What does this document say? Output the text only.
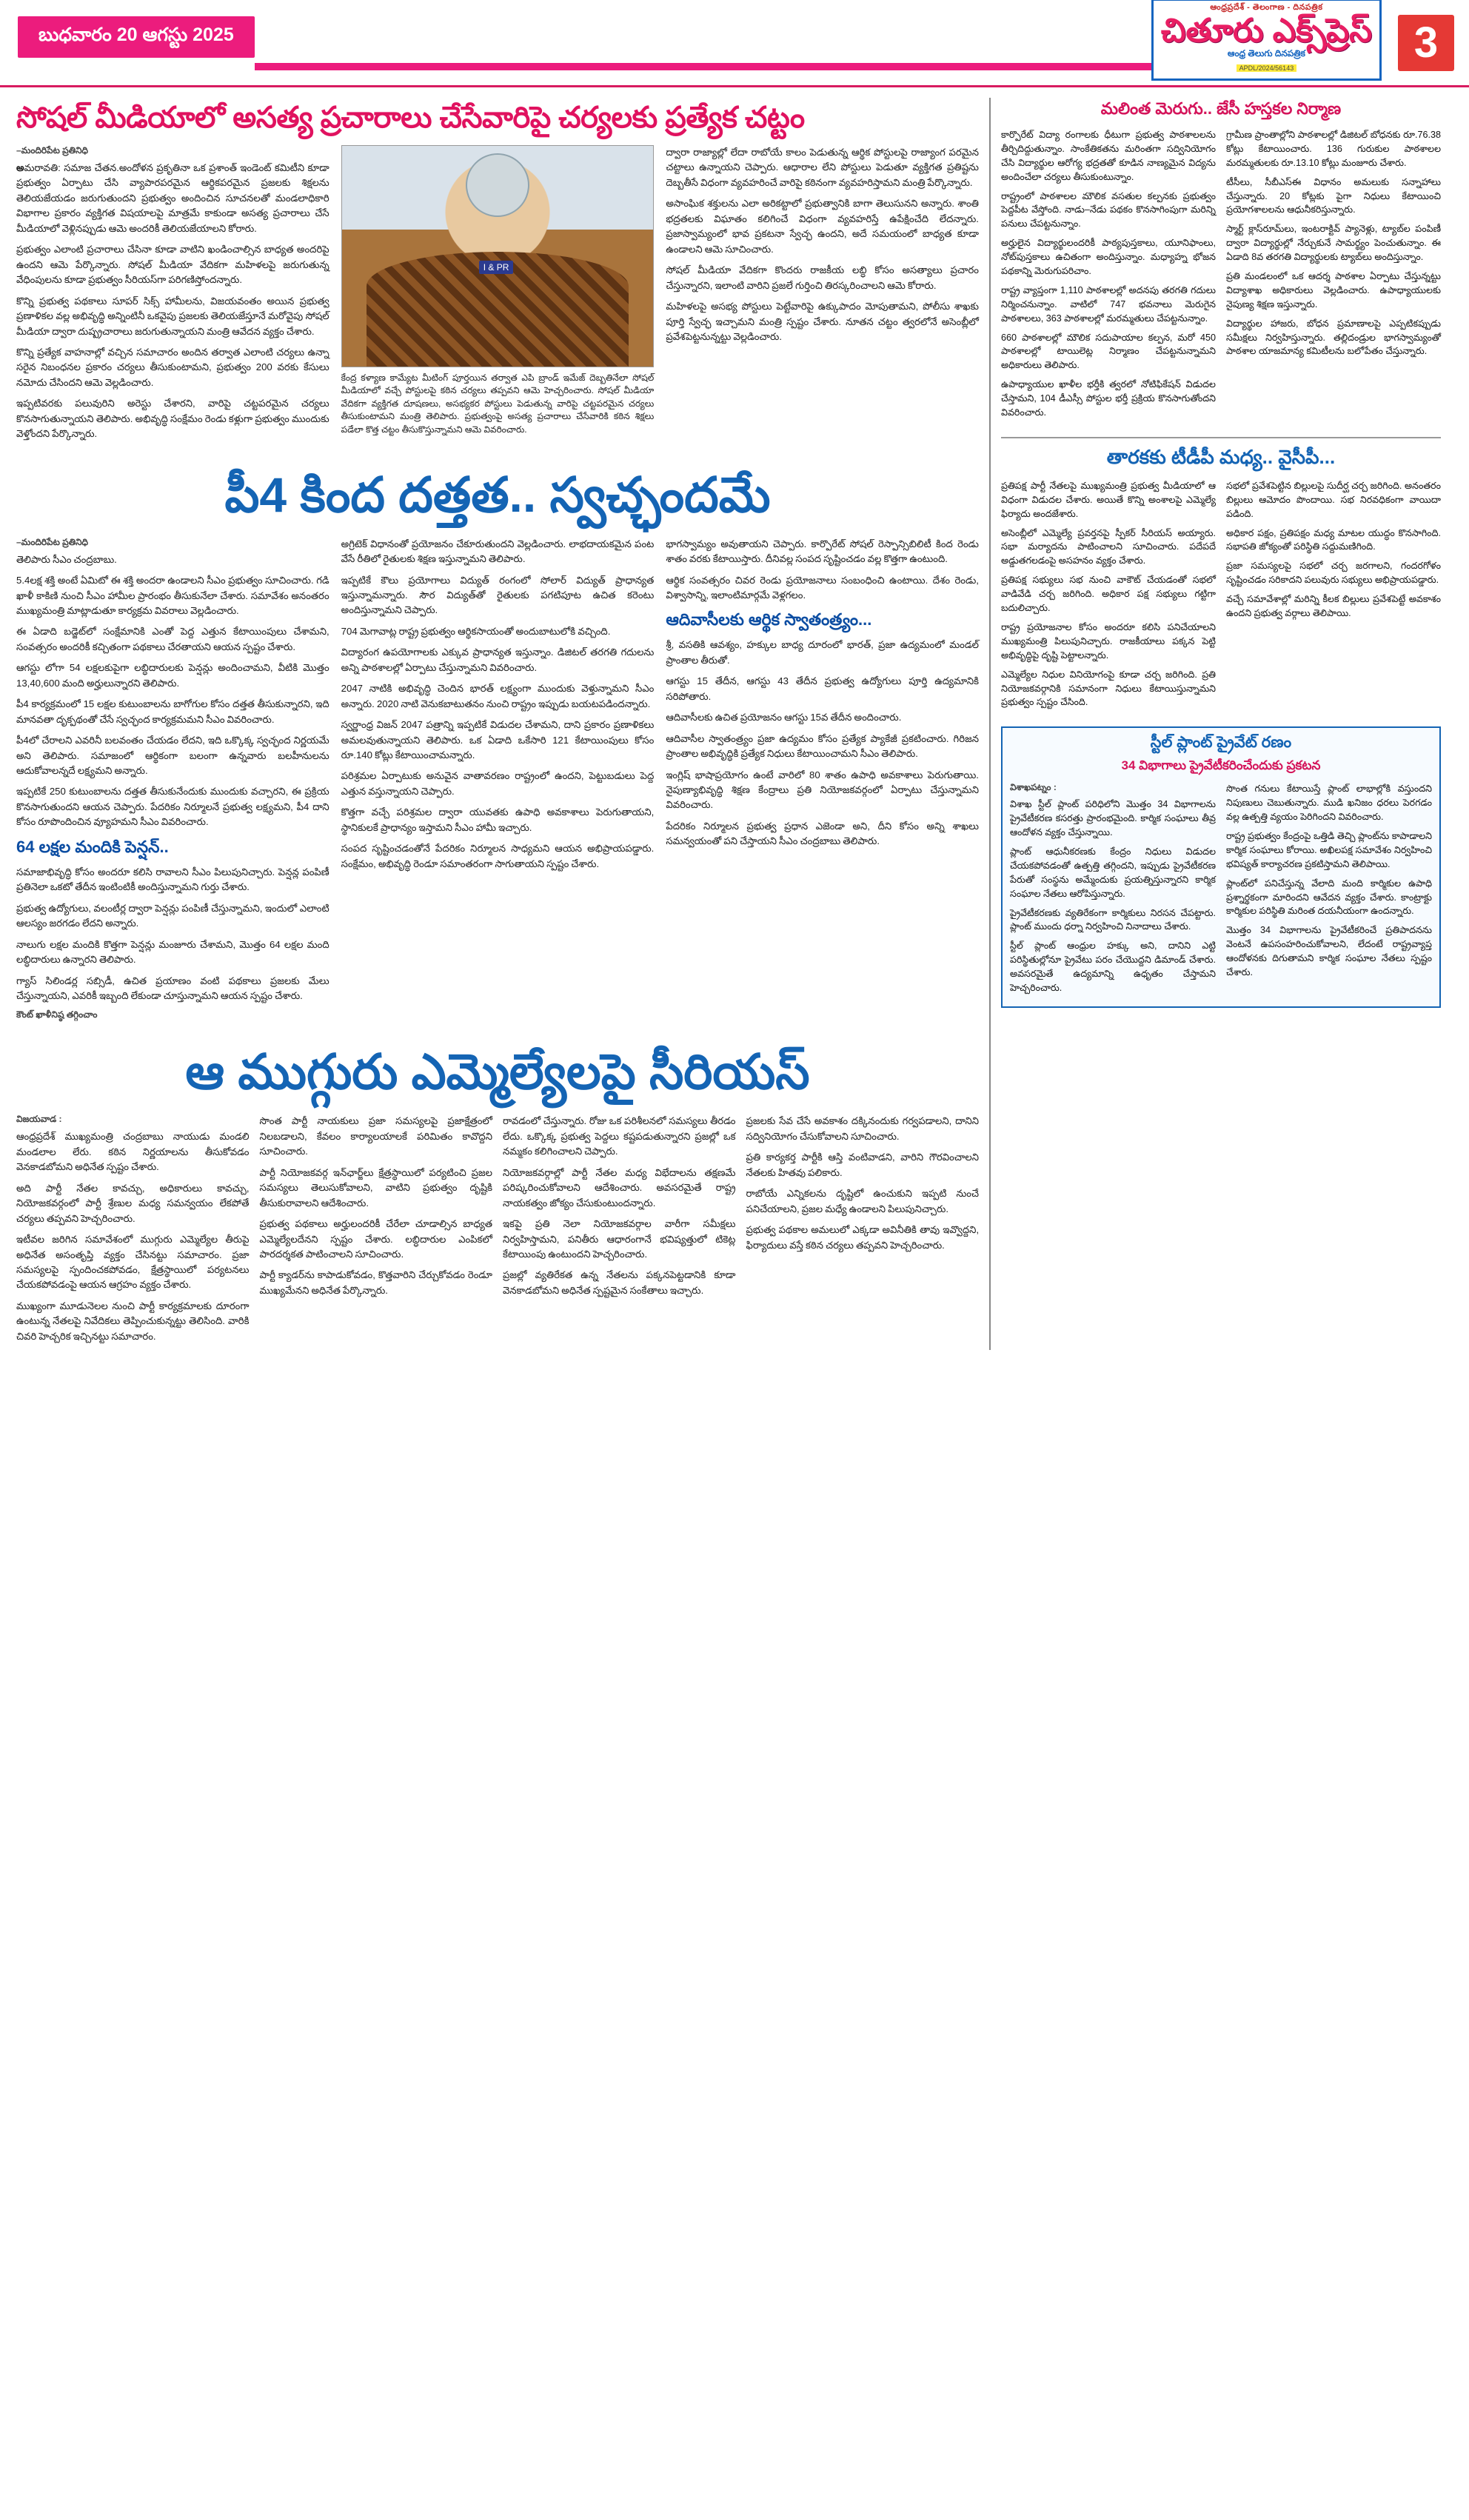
బుధవారం 20 ఆగస్టు 2025
ఆంధ్రప్రదేశ్ - తెలంగాణ - దినపత్రిక
చితూరు ఎక్స్‌ప్రెస్
ఆంధ్ర తెలుగు దినపత్రిక
APDL/2024/56143
3
సోషల్ మీడియాలో అసత్య ప్రచారాలు చేసేవారిపై చర్యలకు ప్రత్యేక చట్టం
–మందిరిపేట ప్రతినిధి

అమరావతి: సమాజ చేతన.అందోళన ప్రకృతినా ఒక ప్రశాంత్ ఇండెంట్ కమిటీని కూడా ప్రభుత్వం ఏర్పాటు చేసి వ్యాపారపరమైన ఆర్థికపరమైన ప్రజలకు శిక్షలను తెలియజేయడం జరుగుతుందని ప్రభుత్వం అందించిన సూచనలతో మండలాధికారి విభాగాల ప్రకారం వ్యక్తిగత విషయాలపై మాత్రమే కాకుండా అసత్య ప్రచారాలు చేసే మీడియాలో వెళ్లినప్పుడు ఆమె అందరికీ తెలియజేయాలని కోరారు.

ప్రభుత్వం ఎలాంటి ప్రచారాలు చేసినా కూడా వాటిని ఖండించాల్సిన బాధ్యత అందరిపై ఉందని ఆమె పేర్కొన్నారు. సోషల్ మీడియా వేదికగా మహిళలపై జరుగుతున్న వేధింపులను కూడా ప్రభుత్వం సీరియస్‌గా పరిగణిస్తోందన్నారు.

కొన్ని ప్రభుత్వ పథకాలు సూపర్ సిక్స్ హామీలను, విజయవంతం అయిన ప్రభుత్వ ప్రణాళికల వల్ల అభివృద్ధి అన్నింటినీ ఒకవైపు ప్రజలకు తెలియజేస్తూనే మరోవైపు సోషల్ మీడియా ద్వారా దుష్ప్రచారాలు జరుగుతున్నాయని మంత్రి ఆవేదన వ్యక్తం చేశారు.

కొన్ని ప్రత్యేక వాహనాల్లో వచ్చిన సమాచారం అందిన తర్వాత ఎలాంటి చర్యలు ఉన్నా సరైన నిబంధనల ప్రకారం చర్యలు తీసుకుంటామని, ప్రభుత్వం 200 వరకు కేసులు నమోదు చేసిందని ఆమె వెల్లడించారు.

ఇప్పటివరకు పలువురిని అరెస్టు చేశారని, వారిపై చట్టపరమైన చర్యలు కొనసాగుతున్నాయని తెలిపారు. అభివృద్ధి సంక్షేమం రెండు కళ్లుగా ప్రభుత్వం ముందుకు వెళ్తోందని పేర్కొన్నారు.

I & PR

కేంద్ర కళ్యాణ కామ్యేట మీటింగ్ పూర్తయిన తర్వాత ఎపి బ్రాండ్ ఇమేజ్ దెబ్బతినేలా సోషల్ మీడియాలో వచ్చే పోస్టులపై కఠిన చర్యలు తప్పవని ఆమె హెచ్చరించారు. సోషల్ మీడియా వేదికగా వ్యక్తిగత దూషణలు, అసభ్యకర పోస్టులు పెడుతున్న వారిపై చట్టపరమైన చర్యలు తీసుకుంటామని మంత్రి తెలిపారు. ప్రభుత్వంపై అసత్య ప్రచారాలు చేసేవారికి కఠిన శిక్షలు పడేలా కొత్త చట్టం తీసుకొస్తున్నామని ఆమె వివరించారు.

ద్వారా రాజ్యాల్లో లేదా రాబోయే కాలం పెడుతున్న ఆర్థిక పోస్టులపై రాజ్యాంగ పరమైన చట్టాలు ఉన్నాయని చెప్పారు. ఆధారాల లేని పోస్టులు పెడుతూ వ్యక్తిగత ప్రతిష్టను దెబ్బతీసే విధంగా వ్యవహరించే వారిపై కఠినంగా వ్యవహరిస్తామని మంత్రి పేర్కొన్నారు.

అసాంఘిక శక్తులను ఎలా అరికట్టాలో ప్రభుత్వానికి బాగా తెలుసునని అన్నారు. శాంతి భద్రతలకు విఘాతం కలిగించే విధంగా వ్యవహరిస్తే ఉపేక్షించేది లేదన్నారు. ప్రజాస్వామ్యంలో భావ ప్రకటనా స్వేచ్ఛ ఉందని, అదే సమయంలో బాధ్యత కూడా ఉండాలని ఆమె సూచించారు.

సోషల్ మీడియా వేదికగా కొందరు రాజకీయ లబ్ధి కోసం అసత్యాలు ప్రచారం చేస్తున్నారని, ఇలాంటి వారిని ప్రజలే గుర్తించి తిరస్కరించాలని ఆమె కోరారు.

మహిళలపై అసభ్య పోస్టులు పెట్టేవారిపై ఉక్కుపాదం మోపుతామని, పోలీసు శాఖకు పూర్తి స్వేచ్ఛ ఇచ్చామని మంత్రి స్పష్టం చేశారు. నూతన చట్టం త్వరలోనే అసెంబ్లీలో ప్రవేశపెట్టనున్నట్టు వెల్లడించారు.

పీ4 కింద దత్తత.. స్వచ్ఛందమే
–మందిరిపేట ప్రతినిధి

తెలిపారు సీఎం చంద్రబాబు.

5.4లక్ష శక్తి అంటే ఏమిటో ఈ శక్తి అందరా ఉండాలని సీఎం ప్రభుత్వం సూచించారు. గడి ఖాళీ కాకిణి నుంచి సీఎం హామీల ప్రారంభం తీసుకునేలా చేశారు. సమావేశం అనంతరం ముఖ్యమంత్రి మాట్లాడుతూ కార్యక్రమ వివరాలు వెల్లడించారు.

ఈ ఏడాది బడ్జెట్‌లో సంక్షేమానికి ఎంతో పెద్ద ఎత్తున కేటాయింపులు చేశామని, సంవత్సరం అందరికీ కచ్చితంగా పథకాలు చేరతాయని ఆయన స్పష్టం చేశారు.

ఆగస్టు లోగా 54 లక్షలకుపైగా లబ్ధిదారులకు పెన్షన్లు అందించామని, వీటికి మొత్తం 13,40,600 మంది అర్హులున్నారని తెలిపారు.

పీ4 కార్యక్రమంలో 15 లక్షల కుటుంబాలను బాగోగుల కోసం దత్తత తీసుకున్నారని, ఇది మానవతా దృక్పథంతో చేసే స్వచ్ఛంద కార్యక్రమమని సీఎం వివరించారు.

పీ4లో చేరాలని ఎవరినీ బలవంతం చేయడం లేదని, ఇది ఒక్కొక్క స్వచ్ఛంద నిర్ణయమే అని తెలిపారు. సమాజంలో ఆర్థికంగా బలంగా ఉన్నవారు బలహీనులను ఆదుకోవాలన్నదే లక్ష్యమని అన్నారు.

ఇప్పటికే 250 కుటుంబాలను దత్తత తీసుకునేందుకు ముందుకు వచ్చారని, ఈ ప్రక్రియ కొనసాగుతుందని ఆయన చెప్పారు. పేదరికం నిర్మూలనే ప్రభుత్వ లక్ష్యమని, పీ4 దాని కోసం రూపొందించిన వ్యూహమని సీఎం వివరించారు.

64 లక్షల మందికి పెన్షన్..

సమాజాభివృద్ధి కోసం అందరూ కలిసి రావాలని సీఎం పిలుపునిచ్చారు. పెన్షన్ల పంపిణీ ప్రతినెలా ఒకటో తేదీన ఇంటింటికీ అందిస్తున్నామని గుర్తు చేశారు.

ప్రభుత్వ ఉద్యోగులు, వలంటీర్ల ద్వారా పెన్షన్లు పంపిణీ చేస్తున్నామని, ఇందులో ఎలాంటి ఆలస్యం జరగడం లేదని అన్నారు.

నాలుగు లక్షల మందికి కొత్తగా పెన్షన్లు మంజూరు చేశామని, మొత్తం 64 లక్షల మంది లబ్ధిదారులు ఉన్నారని తెలిపారు.

గ్యాస్ సిలిండర్ల సబ్సిడీ, ఉచిత ప్రయాణం వంటి పథకాలు ప్రజలకు మేలు చేస్తున్నాయని, ఎవరికీ ఇబ్బంది లేకుండా చూస్తున్నామని ఆయన స్పష్టం చేశారు.

కౌంట్ ఖాళీనిష్ఠ తగ్గించాం

అగ్రిటెక్ విధానంతో ప్రయోజనం చేకూరుతుందని వెల్లడించారు. లాభదాయకమైన పంట వేసే రీతిలో రైతులకు శిక్షణ ఇస్తున్నామని తెలిపారు.

ఇప్పటికే కౌలు ప్రయోగాలు విద్యుత్ రంగంలో సోలార్ విద్యుత్ ప్రాధాన్యత ఇస్తున్నామన్నారు. సౌర విద్యుత్‌తో రైతులకు పగటిపూట ఉచిత కరెంటు అందిస్తున్నామని చెప్పారు.

704 మెగావాట్ల రాష్ట్ర ప్రభుత్వం ఆర్థికసాయంతో అందుబాటులోకి వచ్చింది.

విద్యారంగ ఉపయోగాలకు ఎక్కువ ప్రాధాన్యత ఇస్తున్నాం. డిజిటల్ తరగతి గదులను అన్ని పాఠశాలల్లో ఏర్పాటు చేస్తున్నామని వివరించారు.

2047 నాటికి అభివృద్ధి చెందిన భారత్ లక్ష్యంగా ముందుకు వెళ్తున్నామని సీఎం అన్నారు. 2020 నాటి వెనుకబాటుతనం నుంచి రాష్ట్రం ఇప్పుడు బయటపడిందన్నారు.

స్వర్ణాంధ్ర విజన్ 2047 పత్రాన్ని ఇప్పటికే విడుదల చేశామని, దాని ప్రకారం ప్రణాళికలు అమలవుతున్నాయని తెలిపారు. ఒక ఏడాది ఒకేసారి 121 కేటాయింపులు కోసం రూ.140 కోట్లు కేటాయించామన్నారు.

పరిశ్రమల ఏర్పాటుకు అనువైన వాతావరణం రాష్ట్రంలో ఉందని, పెట్టుబడులు పెద్ద ఎత్తున వస్తున్నాయని చెప్పారు.

కొత్తగా వచ్చే పరిశ్రమల ద్వారా యువతకు ఉపాధి అవకాశాలు పెరుగుతాయని, స్థానికులకే ప్రాధాన్యం ఇస్తామని సీఎం హామీ ఇచ్చారు.

సంపద సృష్టించడంతోనే పేదరికం నిర్మూలన సాధ్యమని ఆయన అభిప్రాయపడ్డారు. సంక్షేమం, అభివృద్ధి రెండూ సమాంతరంగా సాగుతాయని స్పష్టం చేశారు.

భాగస్వామ్యం అవుతాయని చెప్పారు. కార్పొరేట్ సోషల్ రెస్పాన్సిబిలిటీ కింద రెండు శాతం వరకు కేటాయిస్తారు. దీనివల్ల సంపద సృష్టించడం వల్ల కొత్తగా ఉంటుంది.

ఆర్థిక సంవత్సరం చివర రెండు ప్రయోజనాలు సంబంధించి ఉంటాయి. దేశం రెండు, విశ్వాసాన్ని, ఇలాంటిమార్గమే వెళ్లగలం.

ఆదివాసీలకు ఆర్థిక స్వాతంత్ర్యం...

శ్రీ, వసతికి ఆవశ్యం, హక్కుల బాధ్య దూరంలో భారత్, ప్రజా ఉద్యమంలో మండల్ ప్రాంతాల తీరుతో.

ఆగస్టు 15 తేదీన, ఆగస్టు 43 తేదీన ప్రభుత్వ ఉద్యోగులు పూర్తి ఉద్యమానికి సరిపోతారు.

ఆదివాసీలకు ఉచిత ప్రయోజనం ఆగస్టు 15వ తేదీన అందించారు.

ఆదివాసీల స్వాతంత్ర్యం ప్రజా ఉద్యమం కోసం ప్రత్యేక ప్యాకేజీ ప్రకటించారు. గిరిజన ప్రాంతాల అభివృద్ధికి ప్రత్యేక నిధులు కేటాయించామని సీఎం తెలిపారు.

ఇంగ్లిష్ భాషాప్రయోగం ఉంటే వారిలో 80 శాతం ఉపాధి అవకాశాలు పెరుగుతాయి. నైపుణ్యాభివృద్ధి శిక్షణ కేంద్రాలు ప్రతి నియోజకవర్గంలో ఏర్పాటు చేస్తున్నామని వివరించారు.

పేదరికం నిర్మూలన ప్రభుత్వ ప్రధాన ఎజెండా అని, దీని కోసం అన్ని శాఖలు సమన్వయంతో పని చేస్తాయని సీఎం చంద్రబాబు తెలిపారు.

ఆ ముగ్గురు ఎమ్మెల్యేలపై సీరియస్
విజయవాడ :

ఆంధ్రప్రదేశ్ ముఖ్యమంత్రి చంద్రబాబు నాయుడు మండలి మండలాల లేరు. కఠిన నిర్ణయాలను తీసుకోవడం వెనకాడబోమని అధినేత స్పష్టం చేశారు.

అది పార్టీ నేతల కావచ్చు, అధికారులు కావచ్చు, నియోజకవర్గంలో పార్టీ శ్రేణుల మధ్య సమన్వయం లేకపోతే చర్యలు తప్పవని హెచ్చరించారు.

ఇటీవల జరిగిన సమావేశంలో ముగ్గురు ఎమ్మెల్యేల తీరుపై అధినేత అసంతృప్తి వ్యక్తం చేసినట్టు సమాచారం. ప్రజా సమస్యలపై స్పందించకపోవడం, క్షేత్రస్థాయిలో పర్యటనలు చేయకపోవడంపై ఆయన ఆగ్రహం వ్యక్తం చేశారు.

ముఖ్యంగా మూడునెలల నుంచి పార్టీ కార్యక్రమాలకు దూరంగా ఉంటున్న నేతలపై నివేదికలు తెప్పించుకున్నట్టు తెలిసింది. వారికి చివరి హెచ్చరిక ఇచ్చినట్టు సమాచారం.

సొంత పార్టీ నాయకులు ప్రజా సమస్యలపై ప్రజాక్షేత్రంలో నిలబడాలని, కేవలం కార్యాలయాలకే పరిమితం కావొద్దని సూచించారు.

పార్టీ నియోజకవర్గ ఇన్‌ఛార్జ్‌లు క్షేత్రస్థాయిలో పర్యటించి ప్రజల సమస్యలు తెలుసుకోవాలని, వాటిని ప్రభుత్వం దృష్టికి తీసుకురావాలని ఆదేశించారు.

ప్రభుత్వ పథకాలు అర్హులందరికీ చేరేలా చూడాల్సిన బాధ్యత ఎమ్మెల్యేలదేనని స్పష్టం చేశారు. లబ్ధిదారుల ఎంపికలో పారదర్శకత పాటించాలని సూచించారు.

పార్టీ క్యాడర్‌ను కాపాడుకోవడం, కొత్తవారిని చేర్చుకోవడం రెండూ ముఖ్యమేనని అధినేత పేర్కొన్నారు.

రావడంలో చేస్తున్నారు. రోజు ఒక పరిశీలనలో సమస్యలు తీరడం లేదు. ఒక్కొక్క ప్రభుత్వ పెద్దలు కష్టపడుతున్నారని ప్రజల్లో ఒక నమ్మకం కలిగించాలని చెప్పారు.

నియోజకవర్గాల్లో పార్టీ నేతల మధ్య విభేదాలను తక్షణమే పరిష్కరించుకోవాలని ఆదేశించారు. అవసరమైతే రాష్ట్ర నాయకత్వం జోక్యం చేసుకుంటుందన్నారు.

ఇకపై ప్రతి నెలా నియోజకవర్గాల వారీగా సమీక్షలు నిర్వహిస్తామని, పనితీరు ఆధారంగానే భవిష్యత్తులో టికెట్ల కేటాయింపు ఉంటుందని హెచ్చరించారు.

ప్రజల్లో వ్యతిరేకత ఉన్న నేతలను పక్కనపెట్టడానికి కూడా వెనకాడబోమని అధినేత స్పష్టమైన సంకేతాలు ఇచ్చారు.

ప్రజలకు సేవ చేసే అవకాశం దక్కినందుకు గర్వపడాలని, దానిని సద్వినియోగం చేసుకోవాలని సూచించారు.

ప్రతి కార్యకర్త పార్టీకి ఆస్తి వంటివాడని, వారిని గౌరవించాలని నేతలకు హితవు పలికారు.

రాబోయే ఎన్నికలను దృష్టిలో ఉంచుకుని ఇప్పటి నుంచే పనిచేయాలని, ప్రజల మధ్యే ఉండాలని పిలుపునిచ్చారు.

ప్రభుత్వ పథకాల అమలులో ఎక్కడా అవినీతికి తావు ఇవ్వొద్దని, ఫిర్యాదులు వస్తే కఠిన చర్యలు తప్పవని హెచ్చరించారు.

మలింత మెరుగు.. జేసీ హస్తకల నిర్మాణ

కార్పొరేట్ విద్యా రంగాలకు ధీటుగా ప్రభుత్వ పాఠశాలలను తీర్చిదిద్దుతున్నాం. సాంకేతికతను మరింతగా సద్వినియోగం చేసి విద్యార్థుల ఆరోగ్య భద్రతతో కూడిన నాణ్యమైన విద్యను అందించేలా చర్యలు తీసుకుంటున్నాం.

రాష్ట్రంలో పాఠశాలల మౌలిక వసతుల కల్పనకు ప్రభుత్వం పెద్దపీట వేస్తోంది. నాడు–నేడు పథకం కొనసాగింపుగా మరిన్ని పనులు చేపట్టనున్నాం.

అర్హులైన విద్యార్థులందరికీ పాఠ్యపుస్తకాలు, యూనిఫాంలు, నోట్‌పుస్తకాలు ఉచితంగా అందిస్తున్నాం. మధ్యాహ్న భోజన పథకాన్ని మెరుగుపరిచాం.

రాష్ట్ర వ్యాప్తంగా 1,110 పాఠశాలల్లో అదనపు తరగతి గదులు నిర్మించనున్నాం. వాటిలో 747 భవనాలు మెరుగైన పాఠశాలలు, 363 పాఠశాలల్లో మరమ్మతులు చేపట్టనున్నాం.

660 పాఠశాలల్లో మౌలిక సదుపాయాల కల్పన, మరో 450 పాఠశాలల్లో టాయిలెట్ల నిర్మాణం చేపట్టనున్నామని అధికారులు తెలిపారు.

ఉపాధ్యాయుల ఖాళీల భర్తీకి త్వరలో నోటిఫికేషన్ విడుదల చేస్తామని, 104 డీఎస్సీ పోస్టుల భర్తీ ప్రక్రియ కొనసాగుతోందని వివరించారు.

గ్రామీణ ప్రాంతాల్లోని పాఠశాలల్లో డిజిటల్ బోధనకు రూ.76.38 కోట్లు కేటాయించారు. 136 గురుకుల పాఠశాలల మరమ్మతులకు రూ.13.10 కోట్లు మంజూరు చేశారు.

టీసీలు, సీబీఎస్ఈ విధానం అమలుకు సన్నాహాలు చేస్తున్నారు. 20 కోట్లకు పైగా నిధులు కేటాయించి ప్రయోగశాలలను ఆధునీకరిస్తున్నారు.

స్మార్ట్ క్లాస్‌రూమ్‌లు, ఇంటరాక్టివ్ ప్యానెళ్లు, ట్యాబ్‌ల పంపిణీ ద్వారా విద్యార్థుల్లో నేర్చుకునే సామర్థ్యం పెంచుతున్నాం. ఈ ఏడాది 8వ తరగతి విద్యార్థులకు ట్యాబ్‌లు అందిస్తున్నాం.

ప్రతి మండలంలో ఒక ఆదర్శ పాఠశాల ఏర్పాటు చేస్తున్నట్టు విద్యాశాఖ అధికారులు వెల్లడించారు. ఉపాధ్యాయులకు నైపుణ్య శిక్షణ ఇస్తున్నారు.

విద్యార్థుల హాజరు, బోధన ప్రమాణాలపై ఎప్పటికప్పుడు సమీక్షలు నిర్వహిస్తున్నారు. తల్లిదండ్రుల భాగస్వామ్యంతో పాఠశాల యాజమాన్య కమిటీలను బలోపేతం చేస్తున్నారు.

తారకకు టీడీపీ మధ్య.. వైసీపీ...

ప్రతిపక్ష పార్టీ నేతలపై ముఖ్యమంత్రి ప్రభుత్వ మీడియాలో ఆ విధంగా విడుదల చేశారు. అయితే కొన్ని అంశాలపై ఎమ్మెల్యే ఫిర్యాదు అందజేశారు.

అసెంబ్లీలో ఎమ్మెల్యే ప్రవర్తనపై స్పీకర్ సీరియస్ అయ్యారు. సభా మర్యాదను పాటించాలని సూచించారు. పదేపదే అడ్డుతగలడంపై అసహనం వ్యక్తం చేశారు.

ప్రతిపక్ష సభ్యులు సభ నుంచి వాకౌట్ చేయడంతో సభలో వాడివేడి చర్చ జరిగింది. అధికార పక్ష సభ్యులు గట్టిగా బదులిచ్చారు.

రాష్ట్ర ప్రయోజనాల కోసం అందరూ కలిసి పనిచేయాలని ముఖ్యమంత్రి పిలుపునిచ్చారు. రాజకీయాలు పక్కన పెట్టి అభివృద్ధిపై దృష్టి పెట్టాలన్నారు.

ఎమ్మెల్యేల నిధుల వినియోగంపై కూడా చర్చ జరిగింది. ప్రతి నియోజకవర్గానికి సమానంగా నిధులు కేటాయిస్తున్నామని ప్రభుత్వం స్పష్టం చేసింది.

సభలో ప్రవేశపెట్టిన బిల్లులపై సుదీర్ఘ చర్చ జరిగింది. అనంతరం బిల్లులు ఆమోదం పొందాయి. సభ నిరవధికంగా వాయిదా పడింది.

అధికార పక్షం, ప్రతిపక్షం మధ్య మాటల యుద్ధం కొనసాగింది. సభాపతి జోక్యంతో పరిస్థితి సద్దుమణిగింది.

ప్రజా సమస్యలపై సభలో చర్చ జరగాలని, గందరగోళం సృష్టించడం సరికాదని పలువురు సభ్యులు అభిప్రాయపడ్డారు.

వచ్చే సమావేశాల్లో మరిన్ని కీలక బిల్లులు ప్రవేశపెట్టే అవకాశం ఉందని ప్రభుత్వ వర్గాలు తెలిపాయి.

స్టీల్ ప్లాంట్ ప్రైవేట్ రణం
34 విభాగాలు ప్రైవేటీకరించేందుకు ప్రకటన
విశాఖపట్నం :

విశాఖ స్టీల్ ప్లాంట్ పరిధిలోని మొత్తం 34 విభాగాలను ప్రైవేటీకరణ కసరత్తు ప్రారంభమైంది. కార్మిక సంఘాలు తీవ్ర ఆందోళన వ్యక్తం చేస్తున్నాయి.

ప్లాంట్ ఆధునీకరణకు కేంద్రం నిధులు విడుదల చేయకపోవడంతో ఉత్పత్తి తగ్గిందని, ఇప్పుడు ప్రైవేటీకరణ పేరుతో సంస్థను అమ్మేందుకు ప్రయత్నిస్తున్నారని కార్మిక సంఘాల నేతలు ఆరోపిస్తున్నారు.

ప్రైవేటీకరణకు వ్యతిరేకంగా కార్మికులు నిరసన చేపట్టారు. ప్లాంట్ ముందు ధర్నా నిర్వహించి నినాదాలు చేశారు.

స్టీల్ ప్లాంట్ ఆంధ్రుల హక్కు అని, దానిని ఎట్టి పరిస్థితుల్లోనూ ప్రైవేటు పరం చేయొద్దని డిమాండ్ చేశారు. అవసరమైతే ఉద్యమాన్ని ఉధృతం చేస్తామని హెచ్చరించారు.

సొంత గనులు కేటాయిస్తే ప్లాంట్ లాభాల్లోకి వస్తుందని నిపుణులు చెబుతున్నారు. ముడి ఖనిజం ధరలు పెరగడం వల్ల ఉత్పత్తి వ్యయం పెరిగిందని వివరించారు.

రాష్ట్ర ప్రభుత్వం కేంద్రంపై ఒత్తిడి తెచ్చి ప్లాంట్‌ను కాపాడాలని కార్మిక సంఘాలు కోరాయి. అఖిలపక్ష సమావేశం నిర్వహించి భవిష్యత్ కార్యాచరణ ప్రకటిస్తామని తెలిపాయి.

ప్లాంట్‌లో పనిచేస్తున్న వేలాది మంది కార్మికుల ఉపాధి ప్రశ్నార్థకంగా మారిందని ఆవేదన వ్యక్తం చేశారు. కాంట్రాక్టు కార్మికుల పరిస్థితి మరింత దయనీయంగా ఉందన్నారు.

మొత్తం 34 విభాగాలను ప్రైవేటీకరించే ప్రతిపాదనను వెంటనే ఉపసంహరించుకోవాలని, లేదంటే రాష్ట్రవ్యాప్త ఆందోళనకు దిగుతామని కార్మిక సంఘాల నేతలు స్పష్టం చేశారు.
